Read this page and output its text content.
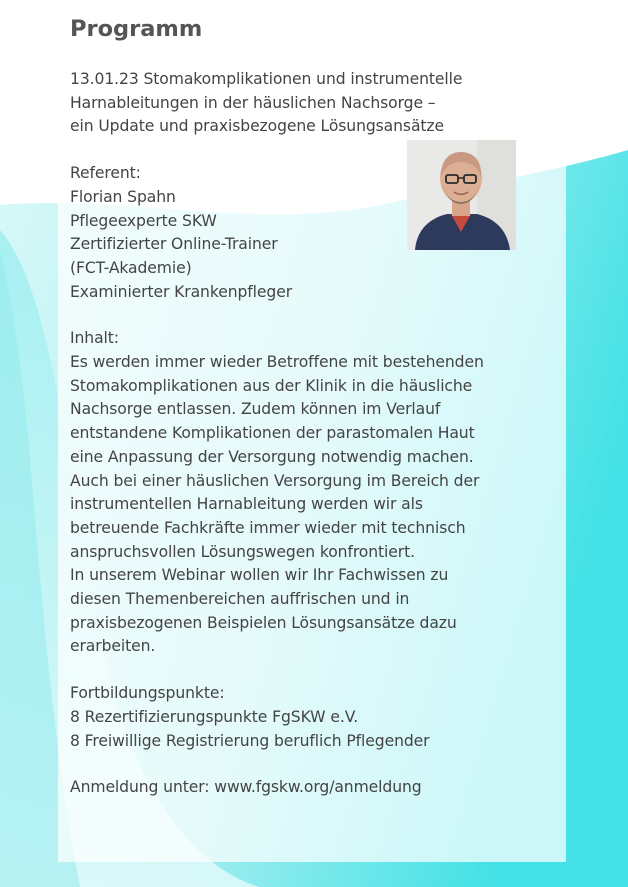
Programm

13.01.23 Stomakomplikationen und instrumentelle
Harnableitungen in der häuslichen Nachsorge –
ein Update und praxisbezogene Lösungsansätze

Referent:
Florian Spahn
Pflegeexperte SKW
Zertifizierter Online-Trainer
(FCT-Akademie)
Examinierter Krankenpfleger

Inhalt:
Es werden immer wieder Betroffene mit bestehenden
Stomakomplikationen aus der Klinik in die häusliche
Nachsorge entlassen. Zudem können im Verlauf
entstandene Komplikationen der parastomalen Haut
eine Anpassung der Versorgung notwendig machen.
Auch bei einer häuslichen Versorgung im Bereich der
instrumentellen Harnableitung werden wir als
betreuende Fachkräfte immer wieder mit technisch
anspruchsvollen Lösungswegen konfrontiert.
In unserem Webinar wollen wir Ihr Fachwissen zu
diesen Themenbereichen auffrischen und in
praxisbezogenen Beispielen Lösungsansätze dazu
erarbeiten.

Fortbildungspunkte:
8 Rezertifizierungspunkte FgSKW e.V.
8 Freiwillige Registrierung beruflich Pflegender

Anmeldung unter: www.fgskw.org/anmeldung
